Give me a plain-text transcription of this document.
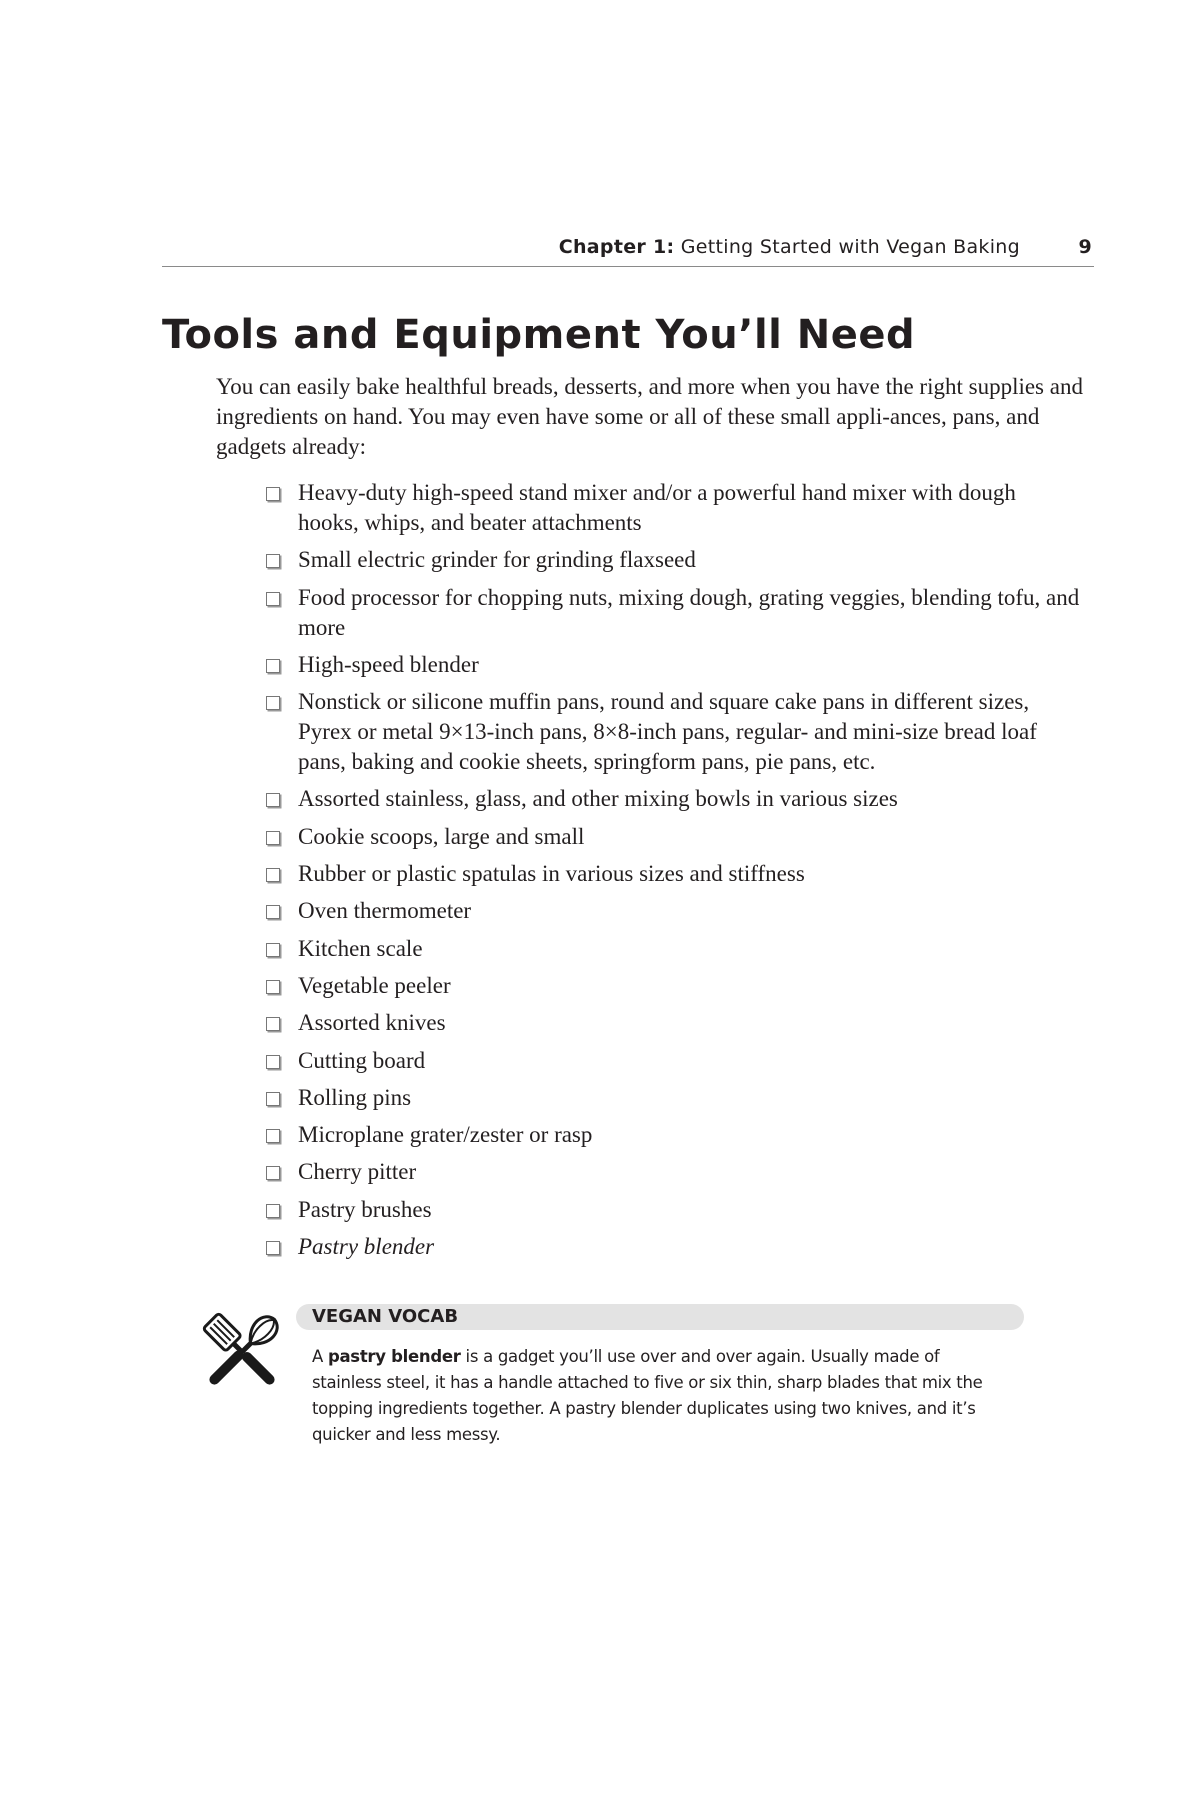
Chapter 1: Getting Started with Vegan Baking	9
Tools and Equipment You’ll Need

You can easily bake healthful breads, desserts, and more when you have the right supplies and ingredients on hand. You may even have some or all of these small appli-ances, pans, and gadgets already:

Heavy-duty high-speed stand mixer and/or a powerful hand mixer with dough hooks, whips, and beater attachments
Small electric grinder for grinding flaxseed
Food processor for chopping nuts, mixing dough, grating veggies, blending tofu, and more
High-speed blender
Nonstick or silicone muffin pans, round and square cake pans in different sizes, Pyrex or metal 9×13-inch pans, 8×8-inch pans, regular- and mini-size bread loaf pans, baking and cookie sheets, springform pans, pie pans, etc.
Assorted stainless, glass, and other mixing bowls in various sizes
Cookie scoops, large and small
Rubber or plastic spatulas in various sizes and stiffness
Oven thermometer
Kitchen scale
Vegetable peeler
Assorted knives
Cutting board
Rolling pins
Microplane grater/zester or rasp
Cherry pitter
Pastry brushes
Pastry blender
VEGAN VOCAB

A pastry blender is a gadget you’ll use over and over again. Usually made of stainless steel, it has a handle attached to five or six thin, sharp blades that mix the topping ingredients together. A pastry blender duplicates using two knives, and it’s quicker and less messy.
